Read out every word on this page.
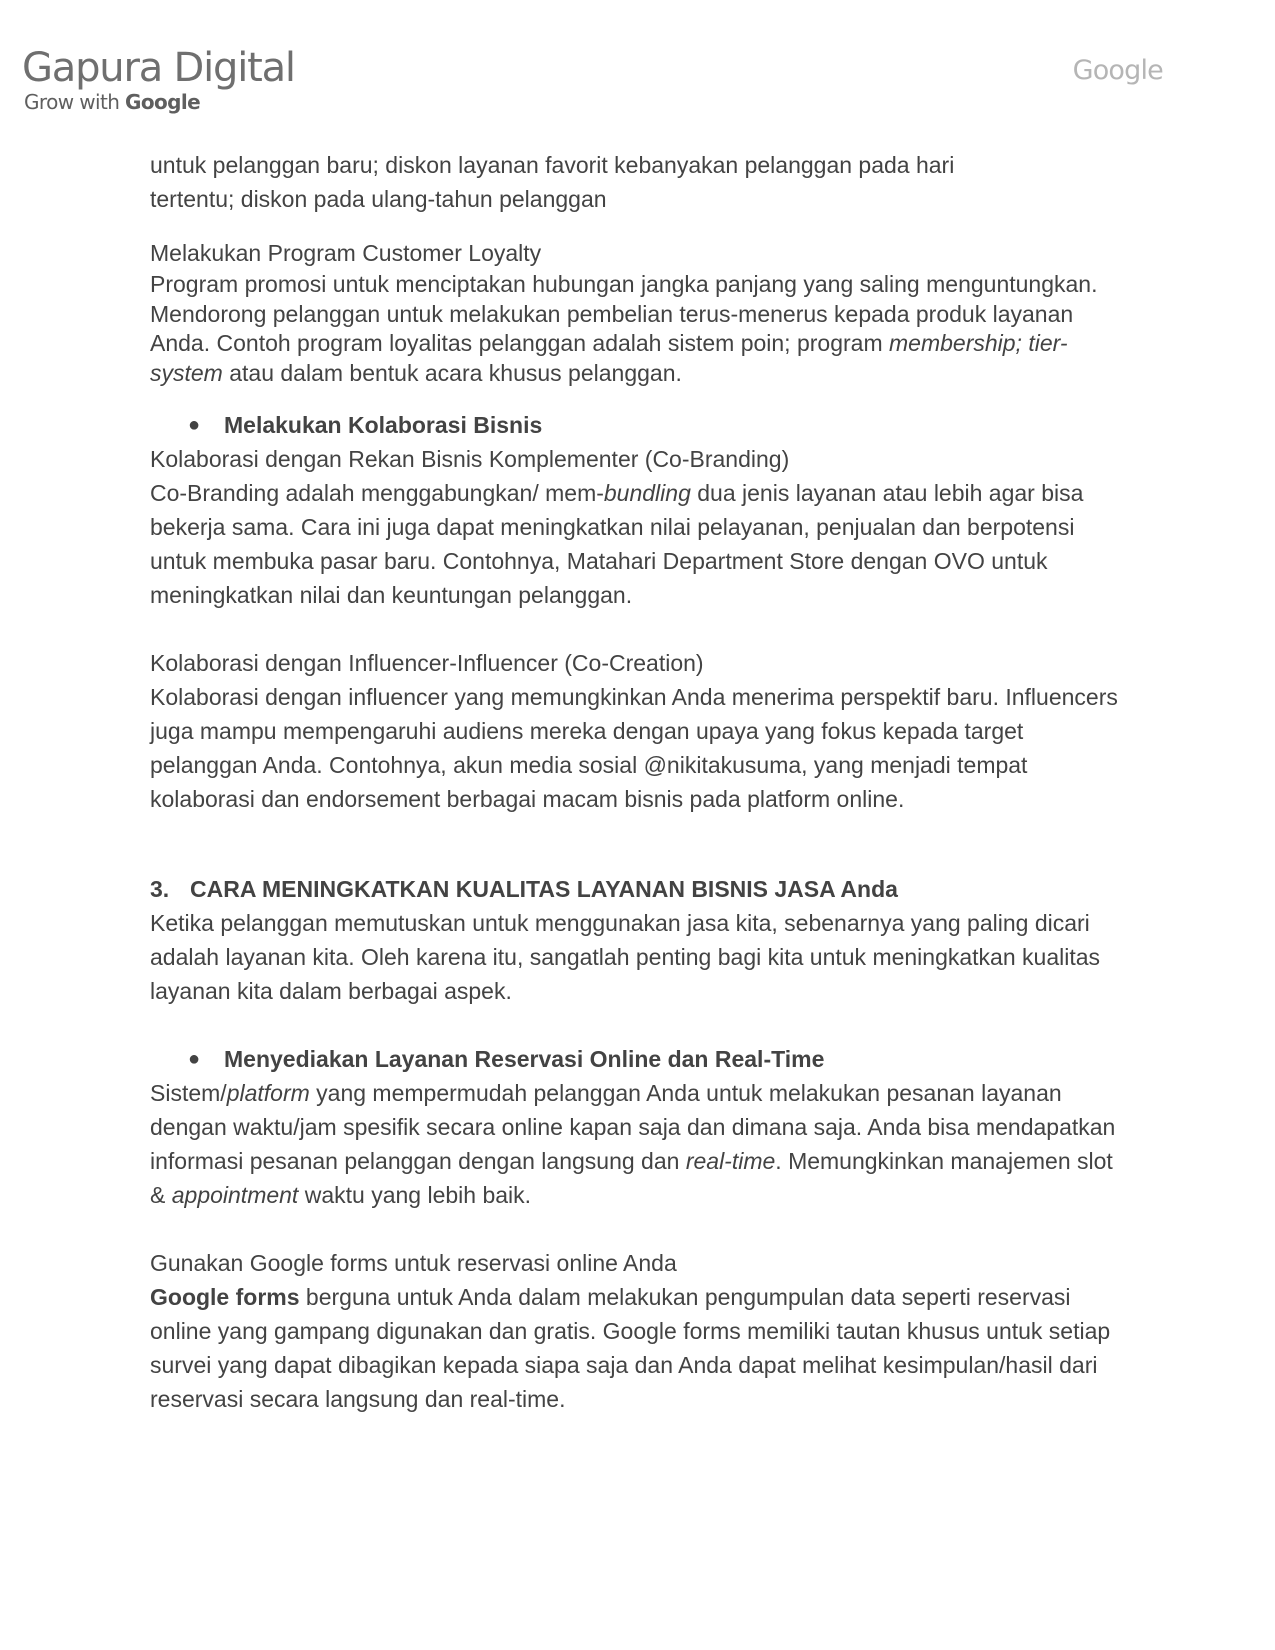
Gapura Digital
Grow with Google
Google

untuk pelanggan baru; diskon layanan favorit kebanyakan pelanggan pada hari
tertentu; diskon pada ulang-tahun pelanggan

Melakukan Program Customer Loyalty

Program promosi untuk menciptakan hubungan jangka panjang yang saling menguntungkan. Mendorong pelanggan untuk melakukan pembelian terus-menerus kepada produk layanan Anda. Contoh program loyalitas pelanggan adalah sistem poin; program membership; tier-system atau dalam bentuk acara khusus pelanggan.

● Melakukan Kolaborasi Bisnis

Kolaborasi dengan Rekan Bisnis Komplementer (Co-Branding)

Co-Branding adalah menggabungkan/ mem-bundling dua jenis layanan atau lebih agar bisa bekerja sama. Cara ini juga dapat meningkatkan nilai pelayanan, penjualan dan berpotensi untuk membuka pasar baru. Contohnya, Matahari Department Store dengan OVO untuk meningkatkan nilai dan keuntungan pelanggan.

Kolaborasi dengan Influencer-Influencer (Co-Creation)

Kolaborasi dengan influencer yang memungkinkan Anda menerima perspektif baru. Influencers juga mampu mempengaruhi audiens mereka dengan upaya yang fokus kepada target pelanggan Anda. Contohnya, akun media sosial @nikitakusuma, yang menjadi tempat kolaborasi dan endorsement berbagai macam bisnis pada platform online.

3. CARA MENINGKATKAN KUALITAS LAYANAN BISNIS JASA Anda

Ketika pelanggan memutuskan untuk menggunakan jasa kita, sebenarnya yang paling dicari adalah layanan kita. Oleh karena itu, sangatlah penting bagi kita untuk meningkatkan kualitas layanan kita dalam berbagai aspek.

● Menyediakan Layanan Reservasi Online dan Real-Time

Sistem/platform yang mempermudah pelanggan Anda untuk melakukan pesanan layanan dengan waktu/jam spesifik secara online kapan saja dan dimana saja. Anda bisa mendapatkan informasi pesanan pelanggan dengan langsung dan real-time. Memungkinkan manajemen slot & appointment waktu yang lebih baik.

Gunakan Google forms untuk reservasi online Anda

Google forms berguna untuk Anda dalam melakukan pengumpulan data seperti reservasi online yang gampang digunakan dan gratis. Google forms memiliki tautan khusus untuk setiap survei yang dapat dibagikan kepada siapa saja dan Anda dapat melihat kesimpulan/hasil dari reservasi secara langsung dan real-time.
